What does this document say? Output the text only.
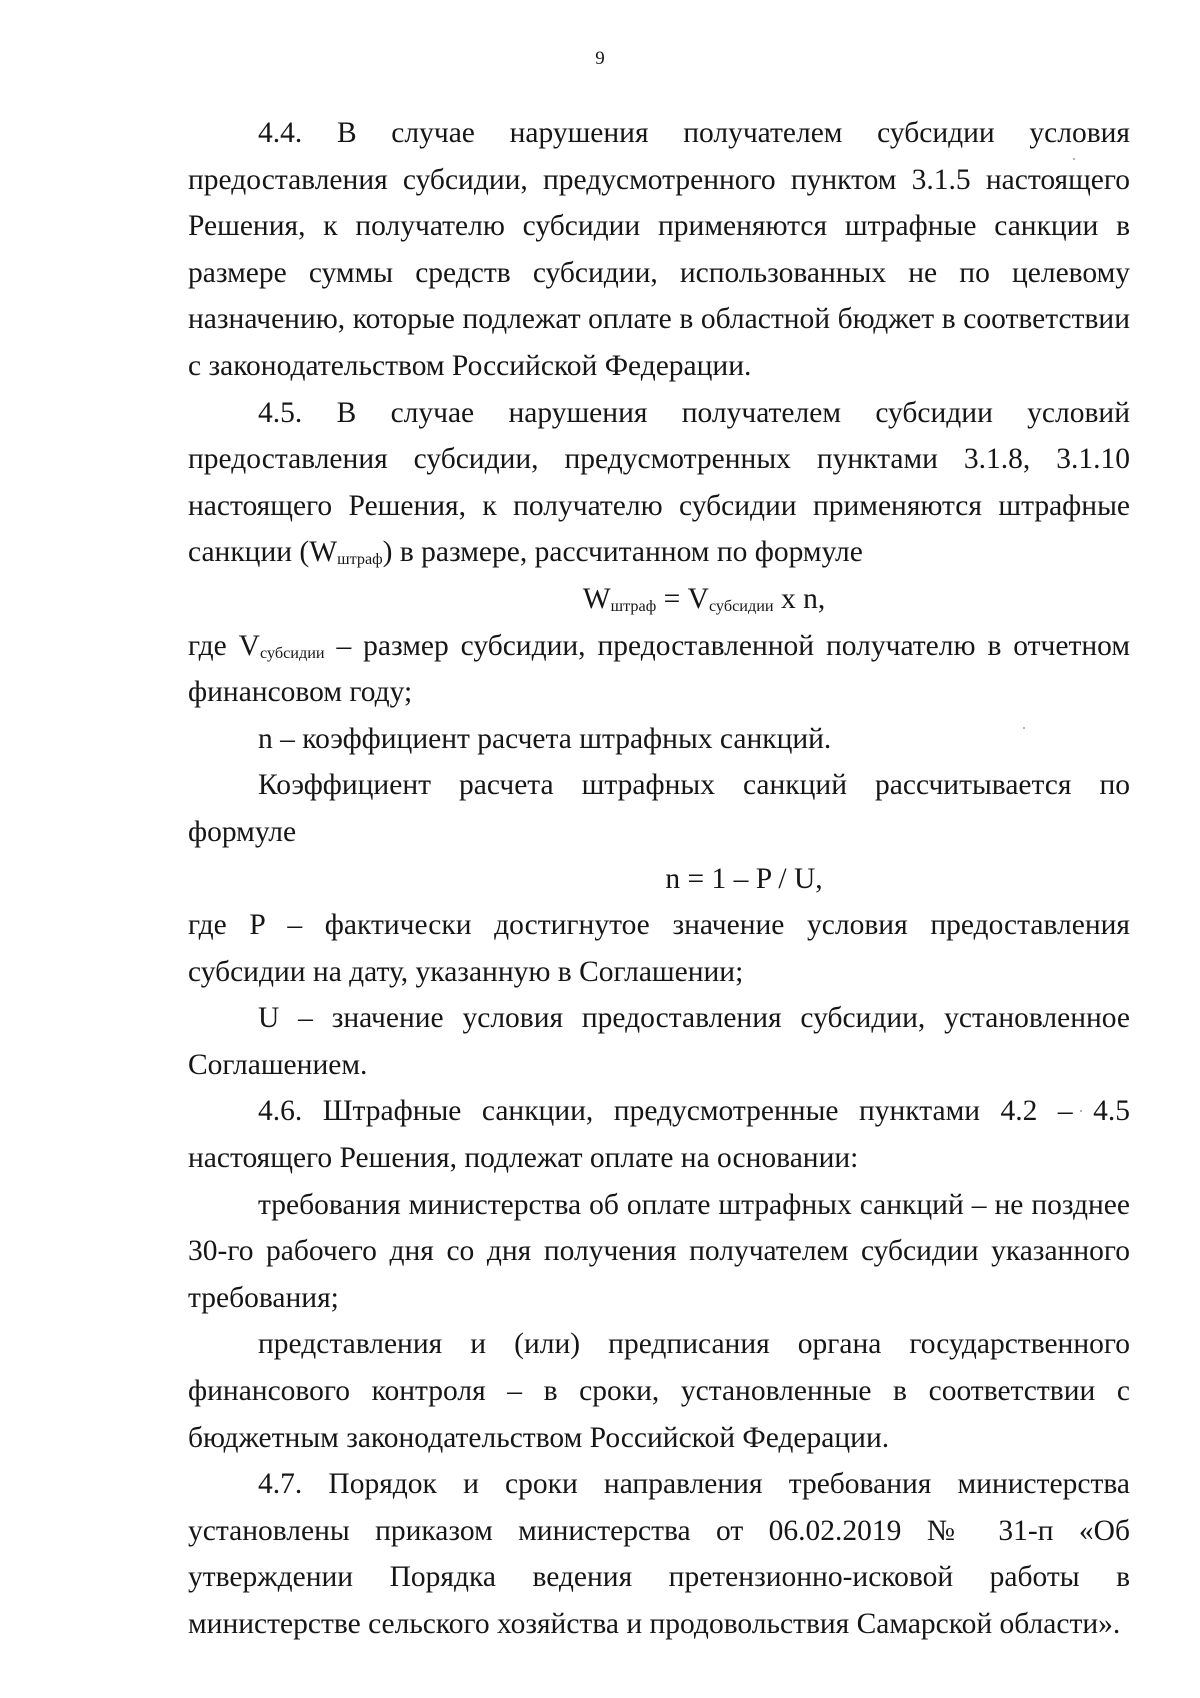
9

4.4. В случае нарушения получателем субсидии условия предоставления субсидии, предусмотренного пунктом 3.1.5 настоящего Решения, к получателю субсидии применяются штрафные санкции в размере суммы средств субсидии, использованных не по целевому назначению, которые подлежат оплате в областной бюджет в соответствии с законодательством Российской Федерации.

4.5. В случае нарушения получателем субсидии условий предоставления субсидии, предусмотренных пунктами 3.1.8, 3.1.10 настоящего Решения, к получателю субсидии применяются штрафные санкции $(W_{штраф})$ в размере, рассчитанном по формуле

$W_{штраф} = V_{субсидии}$ x n,

где $V_{субсидии}$ – размер субсидии, предоставленной получателю в отчетном финансовом году;

n – коэффициент расчета штрафных санкций.

Коэффициент расчета штрафных санкций рассчитывается по формуле

n = 1 – P / U,

где P – фактически достигнутое значение условия предоставления субсидии на дату, указанную в Соглашении;

U – значение условия предоставления субсидии, установленное Соглашением.

4.6. Штрафные санкции, предусмотренные пунктами 4.2 – 4.5 настоящего Решения, подлежат оплате на основании:

требования министерства об оплате штрафных санкций – не позднее 30-го рабочего дня со дня получения получателем субсидии указанного требования;

представления и (или) предписания органа государственного финансового контроля – в сроки, установленные в соответствии с бюджетным законодательством Российской Федерации.

4.7. Порядок и сроки направления требования министерства установлены приказом министерства от 06.02.2019 № 31-п «Об утверждении Порядка ведения претензионно-исковой работы в министерстве сельского хозяйства и продовольствия Самарской области».
